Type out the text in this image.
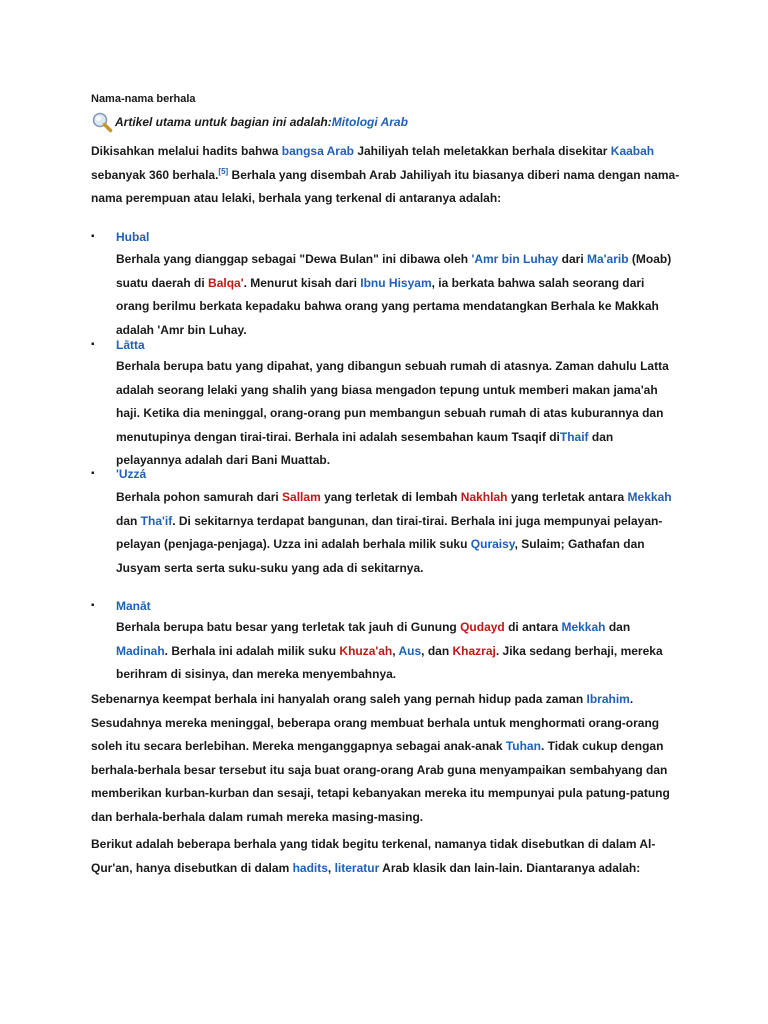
Nama-nama berhala
Artikel utama untuk bagian ini adalah: Mitologi Arab
Dikisahkan melalui hadits bahwa bangsa Arab Jahiliyah telah meletakkan berhala disekitar Kaabah sebanyak 360 berhala.[5] Berhala yang disembah Arab Jahiliyah itu biasanya diberi nama dengan nama-nama perempuan atau lelaki, berhala yang terkenal di antaranya adalah:
▪ Hubal
Berhala yang dianggap sebagai "Dewa Bulan" ini dibawa oleh 'Amr bin Luhay dari Ma'arib (Moab) suatu daerah di Balqa'. Menurut kisah dari Ibnu Hisyam, ia berkata bahwa salah seorang dari orang berilmu berkata kepadaku bahwa orang yang pertama mendatangkan Berhala ke Makkah adalah 'Amr bin Luhay.
▪ Lātta
Berhala berupa batu yang dipahat, yang dibangun sebuah rumah di atasnya. Zaman dahulu Latta adalah seorang lelaki yang shalih yang biasa mengadon tepung untuk memberi makan jama'ah haji. Ketika dia meninggal, orang-orang pun membangun sebuah rumah di atas kuburannya dan menutupinya dengan tirai-tirai. Berhala ini adalah sesembahan kaum Tsaqif diThaif dan pelayannya adalah dari Bani Muattab.
▪ 'Uzzá
Berhala pohon samurah dari Sallam yang terletak di lembah Nakhlah yang terletak antara Mekkah dan Tha'if. Di sekitarnya terdapat bangunan, dan tirai-tirai. Berhala ini juga mempunyai pelayan-pelayan (penjaga-penjaga). Uzza ini adalah berhala milik suku Quraisy, Sulaim; Gathafan dan Jusyam serta serta suku-suku yang ada di sekitarnya.
▪ Manāt
Berhala berupa batu besar yang terletak tak jauh di Gunung Qudayd di antara Mekkah dan Madinah. Berhala ini adalah milik suku Khuza'ah, Aus, dan Khazraj. Jika sedang berhaji, mereka berihram di sisinya, dan mereka menyembahnya.
Sebenarnya keempat berhala ini hanyalah orang saleh yang pernah hidup pada zaman Ibrahim. Sesudahnya mereka meninggal, beberapa orang membuat berhala untuk menghormati orang-orang soleh itu secara berlebihan. Mereka menganggapnya sebagai anak-anak Tuhan. Tidak cukup dengan berhala-berhala besar tersebut itu saja buat orang-orang Arab guna menyampaikan sembahyang dan memberikan kurban-kurban dan sesaji, tetapi kebanyakan mereka itu mempunyai pula patung-patung dan berhala-berhala dalam rumah mereka masing-masing.
Berikut adalah beberapa berhala yang tidak begitu terkenal, namanya tidak disebutkan di dalam Al-Qur'an, hanya disebutkan di dalam hadits, literatur Arab klasik dan lain-lain. Diantaranya adalah:
